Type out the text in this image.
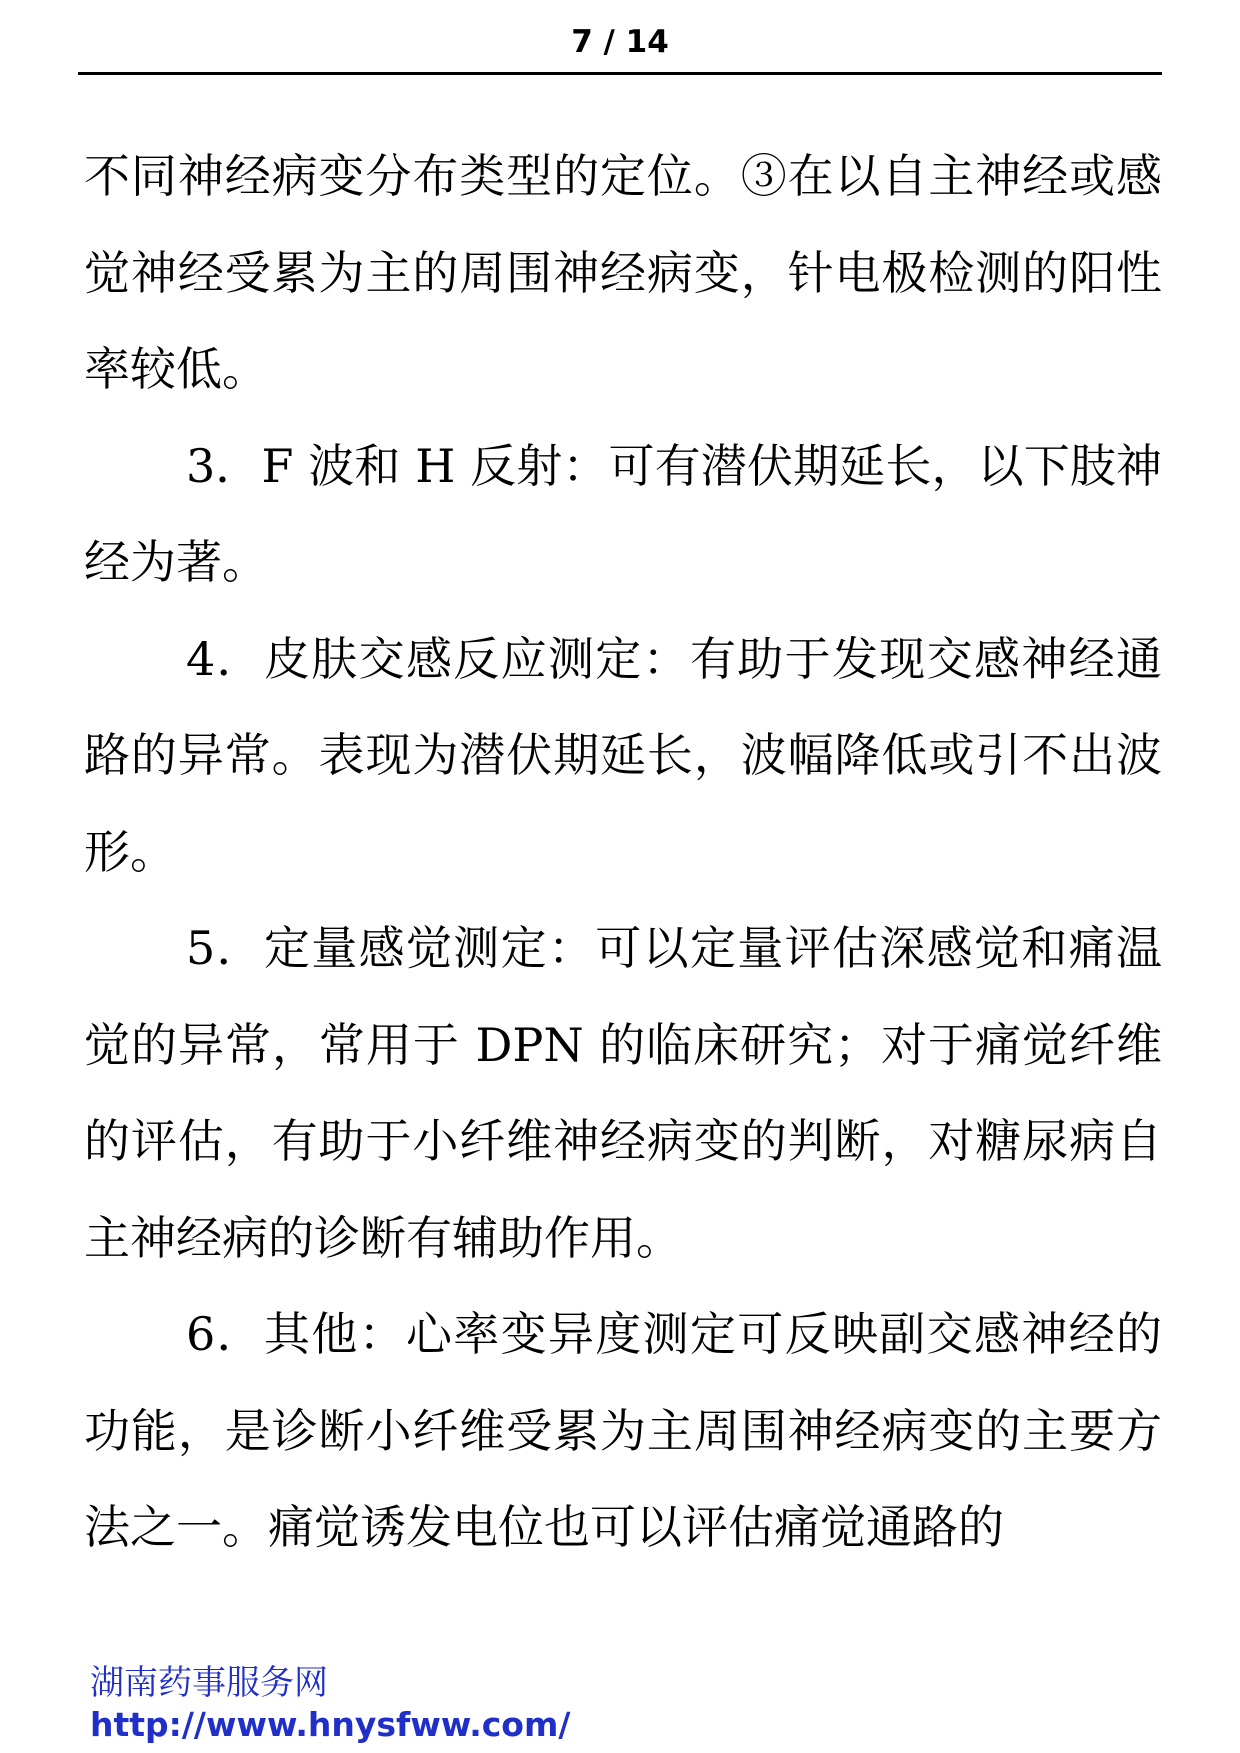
7 / 14

不同神经病变分布类型的定位。③在以自主神经或感觉神经受累为主的周围神经病变，针电极检测的阳性率较低。

3．F 波和 H 反射：可有潜伏期延长，以下肢神经为著。

4．皮肤交感反应测定：有助于发现交感神经通路的异常。表现为潜伏期延长，波幅降低或引不出波形。

5．定量感觉测定：可以定量评估深感觉和痛温觉的异常，常用于 DPN 的临床研究；对于痛觉纤维的评估，有助于小纤维神经病变的判断，对糖尿病自主神经病的诊断有辅助作用。

6．其他：心率变异度测定可反映副交感神经的功能，是诊断小纤维受累为主周围神经病变的主要方法之一。痛觉诱发电位也可以评估痛觉通路的

湖南药事服务网
http://www.hnysfww.com/
